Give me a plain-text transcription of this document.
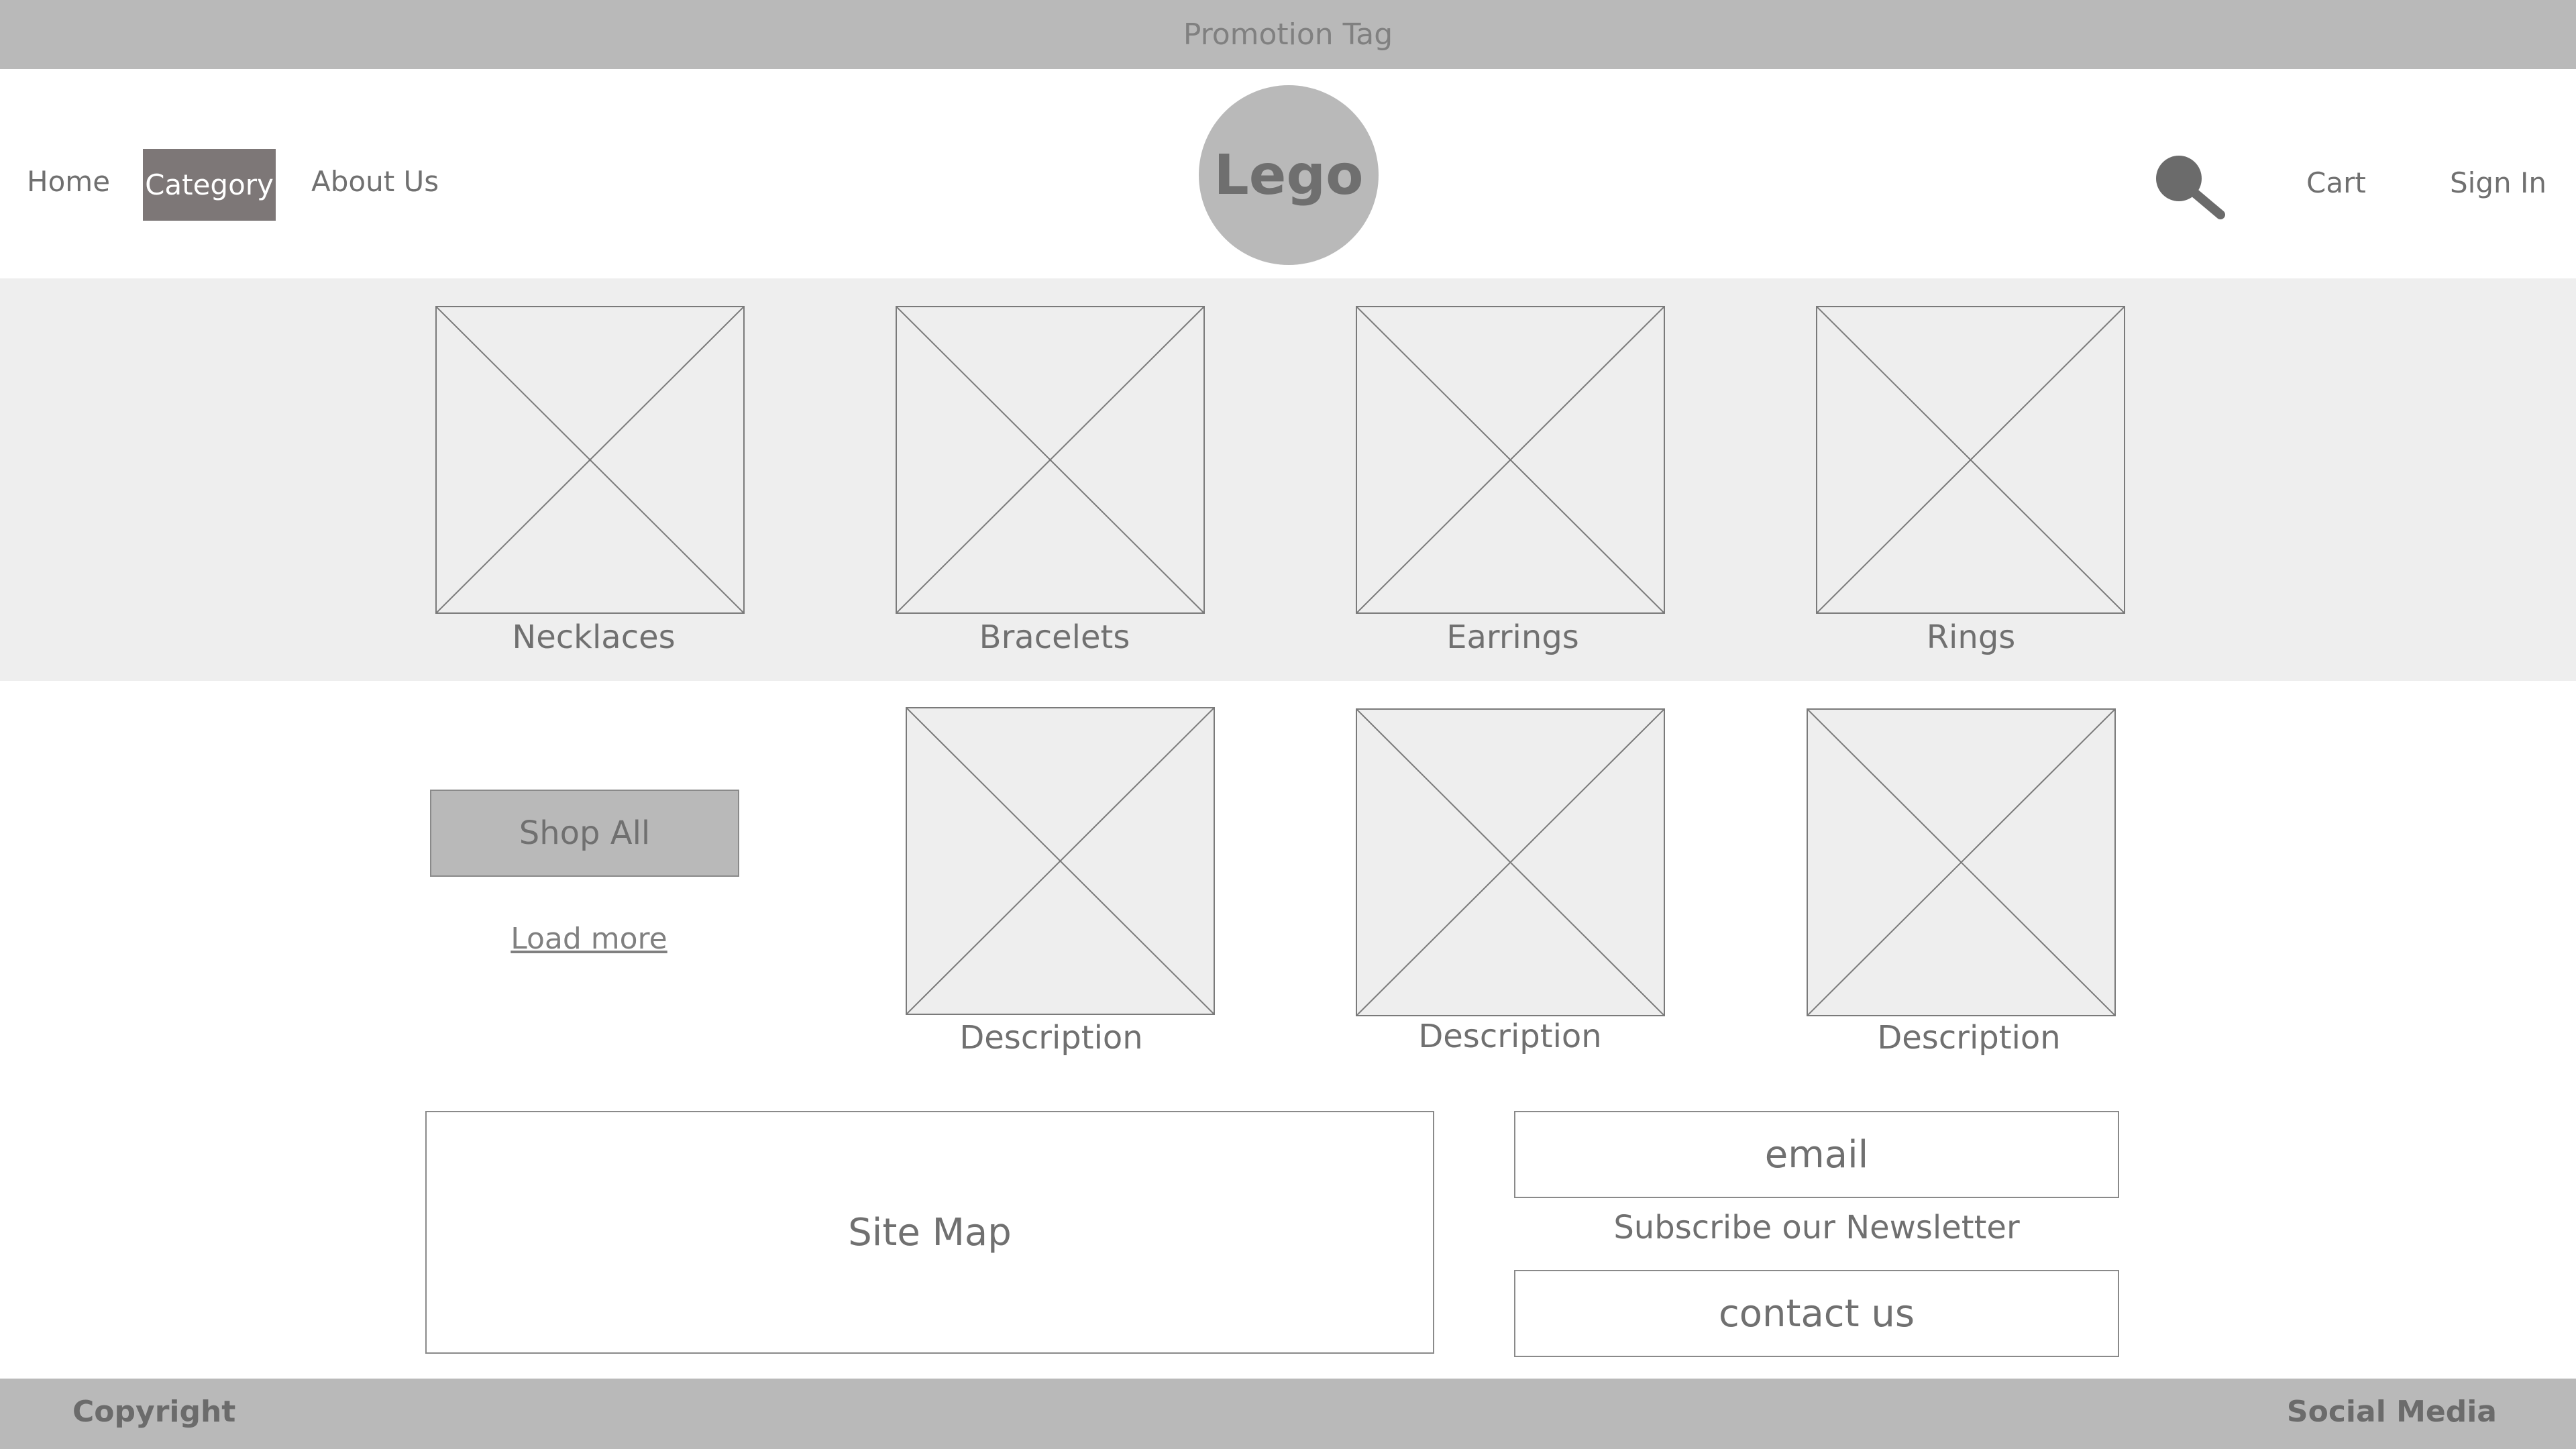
Promotion Tag
Home	Category About Us	Lego	Cart	Sign In
Necklaces	Bracelets	Earrings	Rings
Shop All
Load more
Description	Description	Description
Site Map
email
Subscribe our Newsletter
contact us
Copyright	Social Media
